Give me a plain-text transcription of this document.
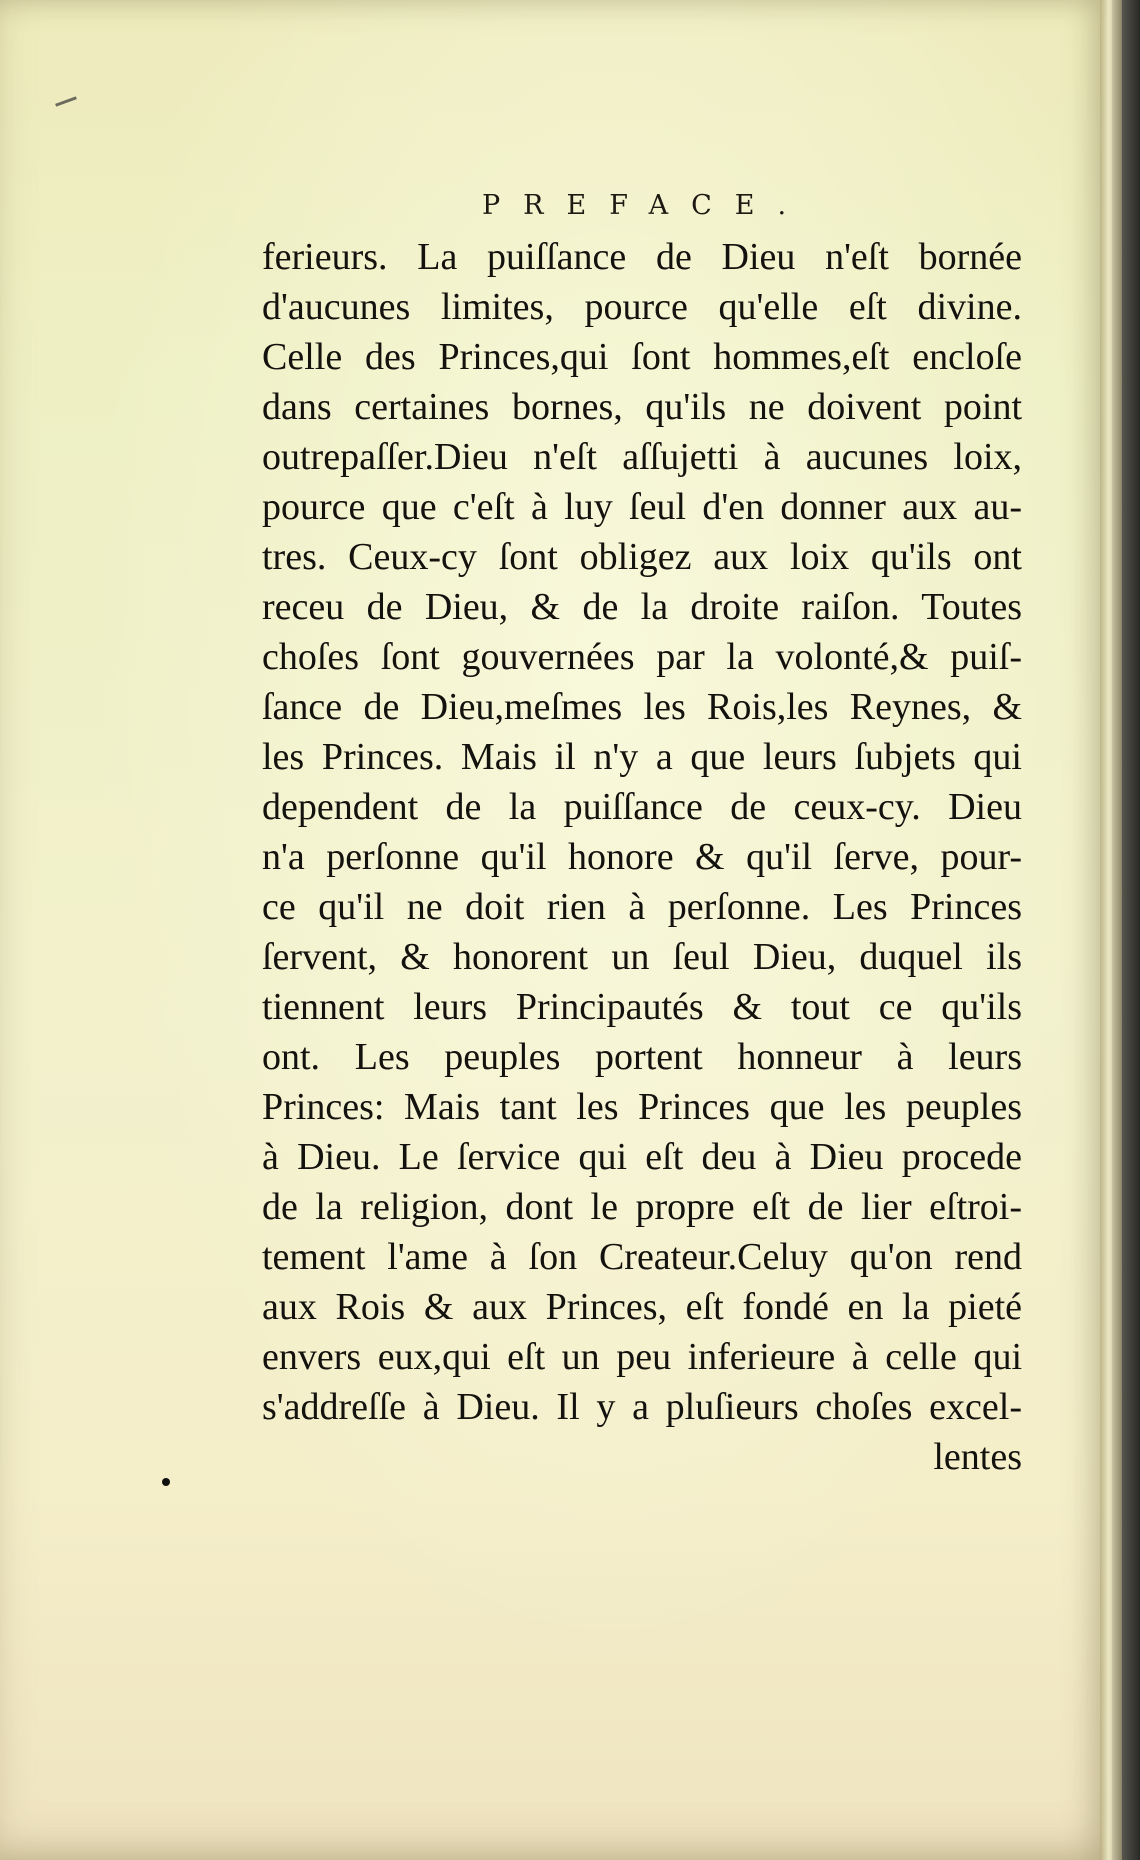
PREFACE.
ferieurs. La puiſſance de Dieu n'eſt bornée
d'aucunes limites, pource qu'elle eſt divine.
Celle des Princes,qui ſont hommes,eſt encloſe
dans certaines bornes, qu'ils ne doivent point
outrepaſſer.Dieu n'eſt aſſujetti à aucunes loix,
pource que c'eſt à luy ſeul d'en donner aux au-
tres. Ceux-cy ſont obligez aux loix qu'ils ont
receu de Dieu, & de la droite raiſon. Toutes
choſes ſont gouvernées par la volonté,& puiſ-
ſance de Dieu,meſmes les Rois,les Reynes, &
les Princes. Mais il n'y a que leurs ſubjets qui
dependent de la puiſſance de ceux-cy. Dieu
n'a perſonne qu'il honore & qu'il ſerve, pour-
ce qu'il ne doit rien à perſonne. Les Princes
ſervent, & honorent un ſeul Dieu, duquel ils
tiennent leurs Principautés & tout ce qu'ils
ont. Les peuples portent honneur à leurs
Princes: Mais tant les Princes que les peuples
à Dieu. Le ſervice qui eſt deu à Dieu procede
de la religion, dont le propre eſt de lier eſtroi-
tement l'ame à ſon Createur.Celuy qu'on rend
aux Rois & aux Princes, eſt fondé en la pieté
envers eux,qui eſt un peu inferieure à celle qui
s'addreſſe à Dieu. Il y a pluſieurs choſes excel-
lentes
